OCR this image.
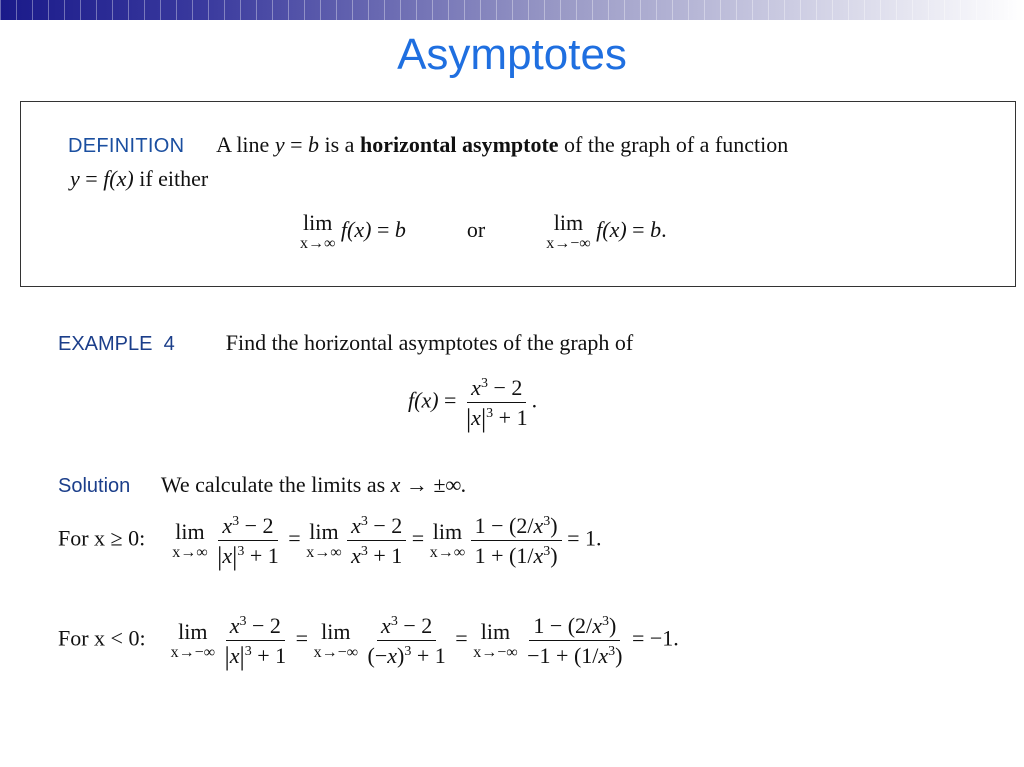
Asymptotes
DEFINITION A line y = b is a horizontal asymptote of the graph of a function
y = f(x) if either
lim
x→∞
f(x) = b	or	lim
x→−∞
f(x) = b.
EXAMPLE  4 Find the horizontal asymptotes of the graph of
$f(x) = \frac{x^3 - 2}{|x|^3 + 1}$ .
Solution We calculate the limits as x → ±∞.
For x ≥ 0: lim
x→∞
$\frac{x^3 - 2}{|x|^3 + 1} = \lim$
x→∞
$\frac{x^3 - 2}{x^3 + 1} = \lim$
x→∞
$\frac{1 - (2/x^3)}{1 + (1/x^3)} = 1$.
For x < 0: lim
x→−∞
$\frac{x^3 - 2}{|x|^3 + 1} = \lim$
x→−∞
$\frac{x^3 - 2}{(-x)^3 + 1} = \lim$
x→−∞
$\frac{1 - (2/x^3)}{-1 + (1/x^3)} = -1$.
